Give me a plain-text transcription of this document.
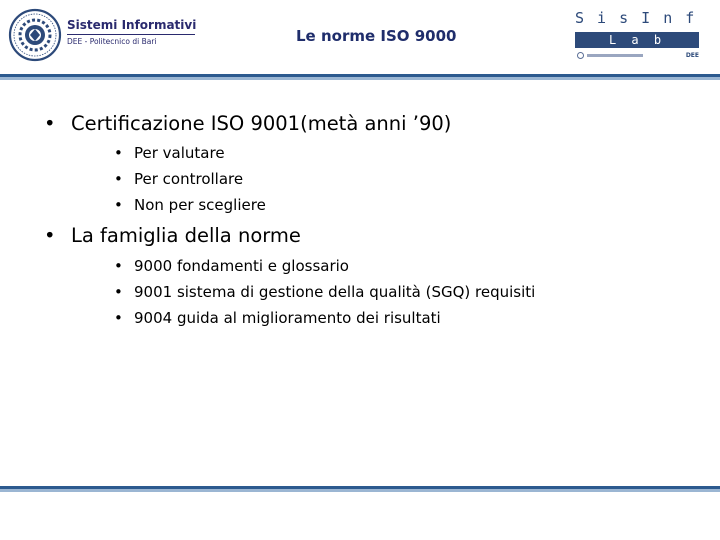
Sistemi Informativi
DEE - Politecnico di Bari	Le norme ISO 9000
S i s I n f
L a b
DEE
• Certificazione ISO 9001(metà anni ’90)
• Per valutare
• Per controllare
• Non per scegliere
• La famiglia della norme
• 9000 fondamenti e glossario
• 9001 sistema di gestione della qualità (SGQ) requisiti
• 9004 guida al miglioramento dei risultati
